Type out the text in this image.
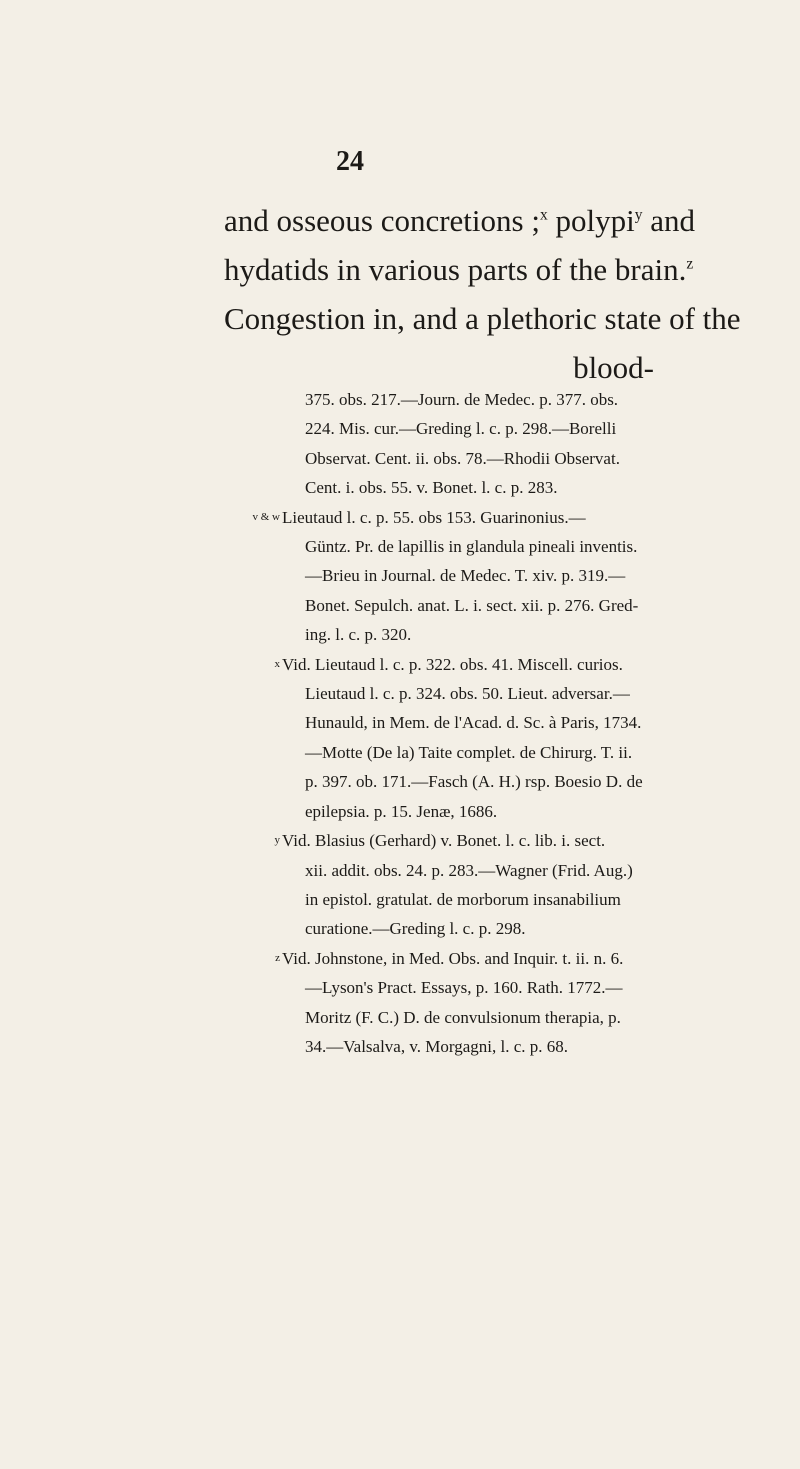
24
and osseous concretions ;$^x$ polypi$^y$ and
hydatids in various parts of the brain.$^z$
Congestion in, and a plethoric state of the
blood-
375. obs. 217.—Journ. de Medec. p. 377. obs.
224. Mis. cur.—Greding l. c. p. 298.—Borelli
Observat. Cent. ii. obs. 78.—Rhodii Observat.
Cent. i. obs. 55. v. Bonet. l. c. p. 283.
v & w Lieutaud l. c. p. 55. obs 153. Guarinonius.—
Güntz. Pr. de lapillis in glandula pineali inventis.
—Brieu in Journal. de Medec. T. xiv. p. 319.—
Bonet. Sepulch. anat. L. i. sect. xii. p. 276. Gred-
ing. l. c. p. 320.
x Vid. Lieutaud l. c. p. 322. obs. 41. Miscell. curios.
Lieutaud l. c. p. 324. obs. 50. Lieut. adversar.—
Hunauld, in Mem. de l'Acad. d. Sc. à Paris, 1734.
—Motte (De la) Taite complet. de Chirurg. T. ii.
p. 397. ob. 171.—Fasch (A. H.) rsp. Boesio D. de
epilepsia. p. 15. Jenæ, 1686.
y Vid. Blasius (Gerhard) v. Bonet. l. c. lib. i. sect.
xii. addit. obs. 24. p. 283.—Wagner (Frid. Aug.)
in epistol. gratulat. de morborum insanabilium
curatione.—Greding l. c. p. 298.
z Vid. Johnstone, in Med. Obs. and Inquir. t. ii. n. 6.
—Lyson's Pract. Essays, p. 160. Rath. 1772.—
Moritz (F. C.) D. de convulsionum therapia, p.
34.—Valsalva, v. Morgagni, l. c. p. 68.
